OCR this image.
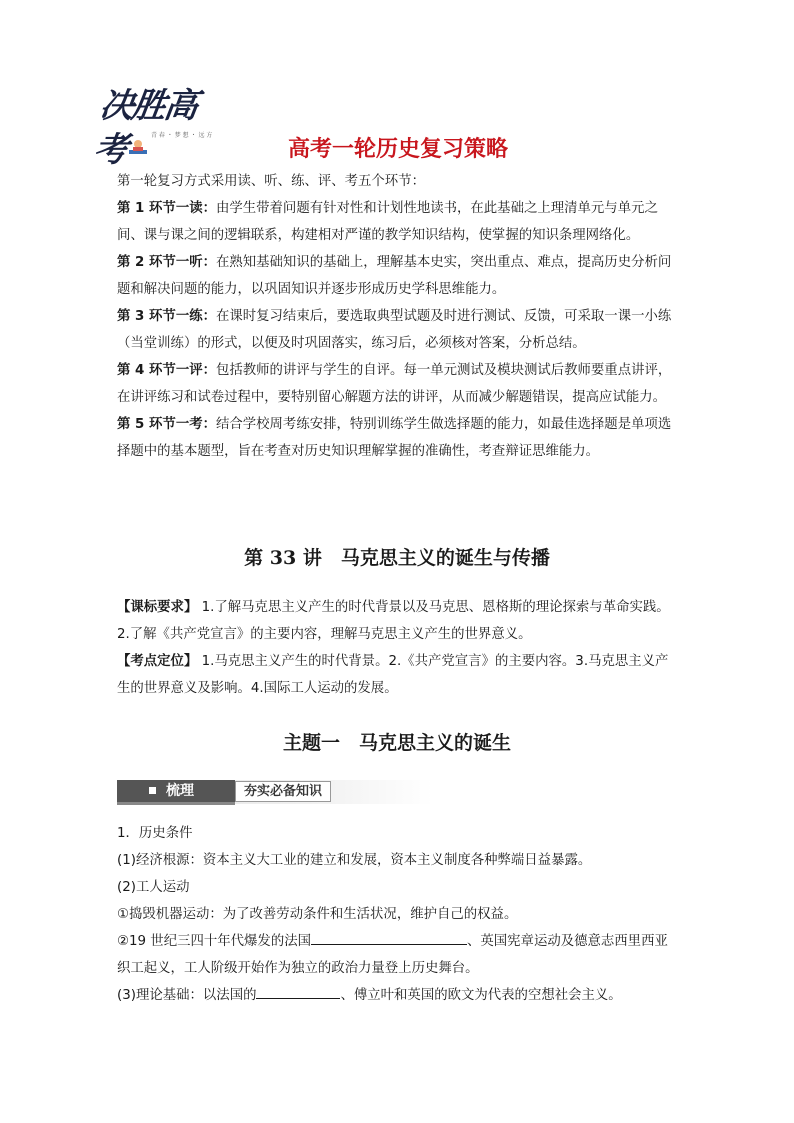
决胜高考	青 春 ・ 梦 想 ・ 远 方
高考一轮历史复习策略
第一轮复习方式采用读、听、练、评、考五个环节：
第 1 环节一读：由学生带着问题有针对性和计划性地读书，在此基础之上理清单元与单元之间、课与课之间的逻辑联系，构建相对严谨的教学知识结构，使掌握的知识条理网络化。
第 2 环节一听：在熟知基础知识的基础上，理解基本史实，突出重点、难点，提高历史分析问题和解决问题的能力，以巩固知识并逐步形成历史学科思维能力。
第 3 环节一练：在课时复习结束后，要选取典型试题及时进行测试、反馈，可采取一课一小练（当堂训练）的形式，以便及时巩固落实，练习后，必须核对答案，分析总结。
第 4 环节一评：包括教师的讲评与学生的自评。每一单元测试及模块测试后教师要重点讲评，在讲评练习和试卷过程中，要特别留心解题方法的讲评，从而减少解题错误，提高应试能力。
第 5 环节一考：结合学校周考练安排，特别训练学生做选择题的能力，如最佳选择题是单项选择题中的基本题型，旨在考查对历史知识理解掌握的准确性，考查辩证思维能力。
第 33 讲　马克思主义的诞生与传播
【课标要求】 1.了解马克思主义产生的时代背景以及马克思、恩格斯的理论探索与革命实践。2.了解《共产党宣言》的主要内容，理解马克思主义产生的世界意义。
【考点定位】 1.马克思主义产生的时代背景。2.《共产党宣言》的主要内容。3.马克思主义产生的世界意义及影响。4.国际工人运动的发展。
主题一　马克思主义的诞生
梳理	夯实必备知识
1．历史条件
(1)经济根源：资本主义大工业的建立和发展，资本主义制度各种弊端日益暴露。
(2)工人运动
①捣毁机器运动：为了改善劳动条件和生活状况，维护自己的权益。
②19 世纪三四十年代爆发的法国	、英国宪章运动及德意志西里西亚织工起义，工人阶级开始作为独立的政治力量登上历史舞台。
(3)理论基础：以法国的	、傅立叶和英国的欧文为代表的空想社会主义。
